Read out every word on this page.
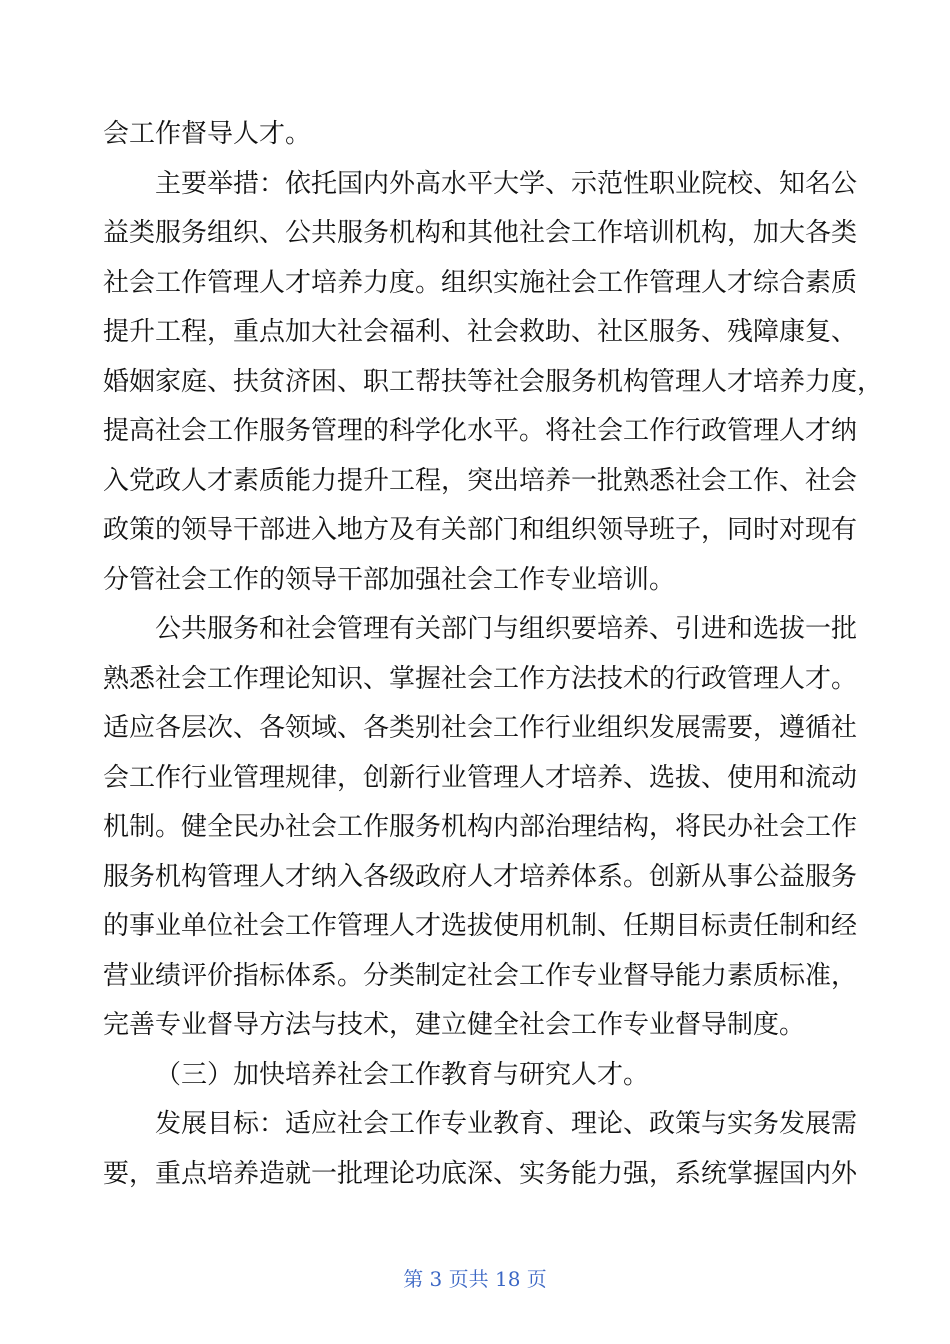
会工作督导人才。
主要举措：依托国内外高水平大学、示范性职业院校、知名公
益类服务组织、公共服务机构和其他社会工作培训机构，加大各类
社会工作管理人才培养力度。组织实施社会工作管理人才综合素质
提升工程，重点加大社会福利、社会救助、社区服务、残障康复、
婚姻家庭、扶贫济困、职工帮扶等社会服务机构管理人才培养力度，
提高社会工作服务管理的科学化水平。将社会工作行政管理人才纳
入党政人才素质能力提升工程，突出培养一批熟悉社会工作、社会
政策的领导干部进入地方及有关部门和组织领导班子，同时对现有
分管社会工作的领导干部加强社会工作专业培训。
公共服务和社会管理有关部门与组织要培养、引进和选拔一批
熟悉社会工作理论知识、掌握社会工作方法技术的行政管理人才。
适应各层次、各领域、各类别社会工作行业组织发展需要，遵循社
会工作行业管理规律，创新行业管理人才培养、选拔、使用和流动
机制。健全民办社会工作服务机构内部治理结构，将民办社会工作
服务机构管理人才纳入各级政府人才培养体系。创新从事公益服务
的事业单位社会工作管理人才选拔使用机制、任期目标责任制和经
营业绩评价指标体系。分类制定社会工作专业督导能力素质标准，
完善专业督导方法与技术，建立健全社会工作专业督导制度。
（三）加快培养社会工作教育与研究人才。
发展目标：适应社会工作专业教育、理论、政策与实务发展需
要，重点培养造就一批理论功底深、实务能力强，系统掌握国内外
第 3 页共 18 页
